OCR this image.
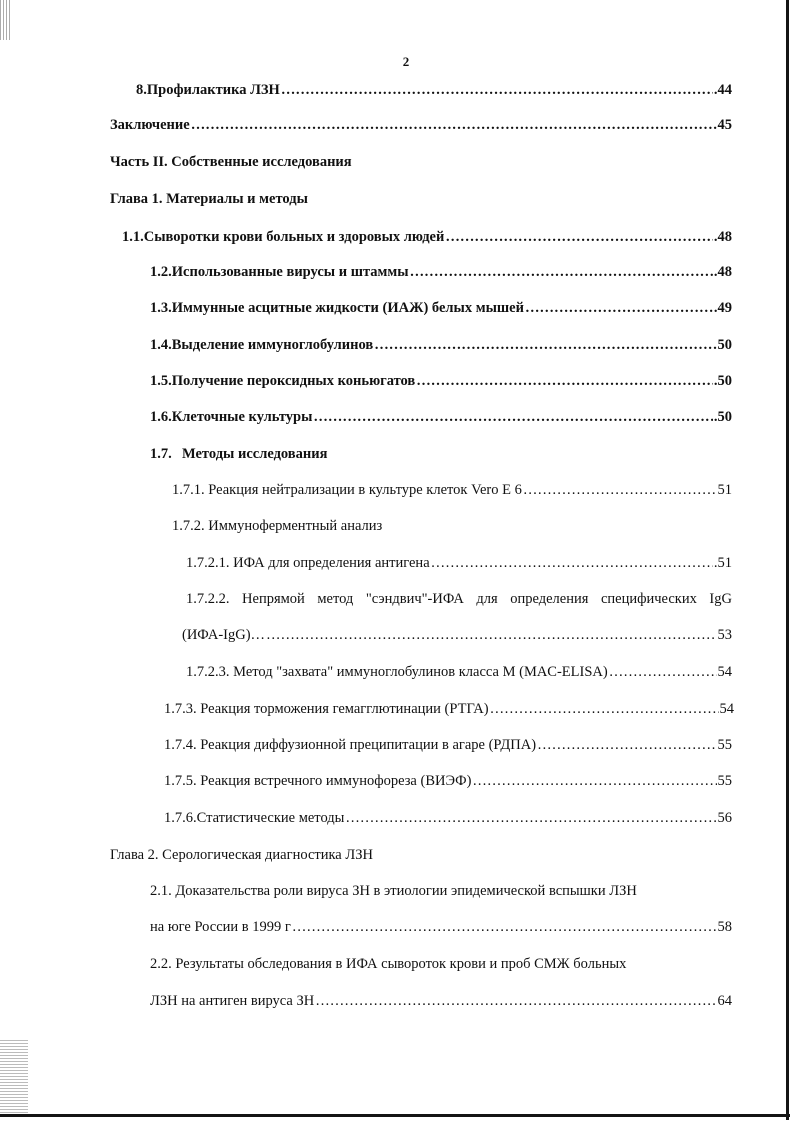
2
8. Профилактика ЛЗН …………………………………………………………………………………………………………………………………………………………………………………………	.44
Заключение …………………………………………………………………………………………………………………………………………………………………………………………	45
Часть II. Собственные исследования
Глава 1. Материалы и методы
1.1. Сыворотки крови больных и здоровых людей …………………………………………………………………………………………………………………………………………………………………………………………	.48
1.2. Использованные вирусы и штаммы …………………………………………………………………………………………………………………………………………………………………………………………	.48
1.3. Иммунные асцитные жидкости (ИАЖ) белых мышей …………………………………………………………………………………………………………………………………………………………………………………………	.49
1.4. Выделение иммуноглобулинов …………………………………………………………………………………………………………………………………………………………………………………………	50
1.5. Получение пероксидных коньюгатов …………………………………………………………………………………………………………………………………………………………………………………………	.50
1.6. Клеточные культуры …………………………………………………………………………………………………………………………………………………………………………………………	.50
1.7. Методы исследования
1.7.1. Реакция нейтрализации в культуре клеток Vero E 6 …………………………………………………………………………………………………………………………………………………………………………………………	51
1.7.2. Иммуноферментный анализ
1.7.2.1. ИФА для определения антигена …………………………………………………………………………………………………………………………………………………………………………………………	.51
1.7.2.2. Непрямой метод "сэндвич"-ИФА для определения специфических IgG
(ИФА-IgG)… …………………………………………………………………………………………………………………………………………………………………………………………	53
1.7.2.3. Метод "захвата" иммуноглобулинов класса М (MAC-ELISA) …………………………………………………………………………………………………………………………………………………………………………………………	54
1.7.3. Реакция торможения гемагглютинации (РТГА) …………………………………………………………………………………………………………………………………………………………………………………………	54
1.7.4. Реакция диффузионной преципитации в агаре (РДПА) …………………………………………………………………………………………………………………………………………………………………………………………	55
1.7.5. Реакция встречного иммунофореза (ВИЭФ) …………………………………………………………………………………………………………………………………………………………………………………………	55
1.7.6.Статистические методы …………………………………………………………………………………………………………………………………………………………………………………………	56
Глава 2. Серологическая диагностика ЛЗН
2.1. Доказательства роли вируса ЗН в этиологии эпидемической вспышки ЛЗН
на юге России в 1999 г …………………………………………………………………………………………………………………………………………………………………………………………	58
2.2. Результаты обследования в ИФА сывороток крови и проб СМЖ больных
ЛЗН на антиген вируса ЗН …………………………………………………………………………………………………………………………………………………………………………………………	64
